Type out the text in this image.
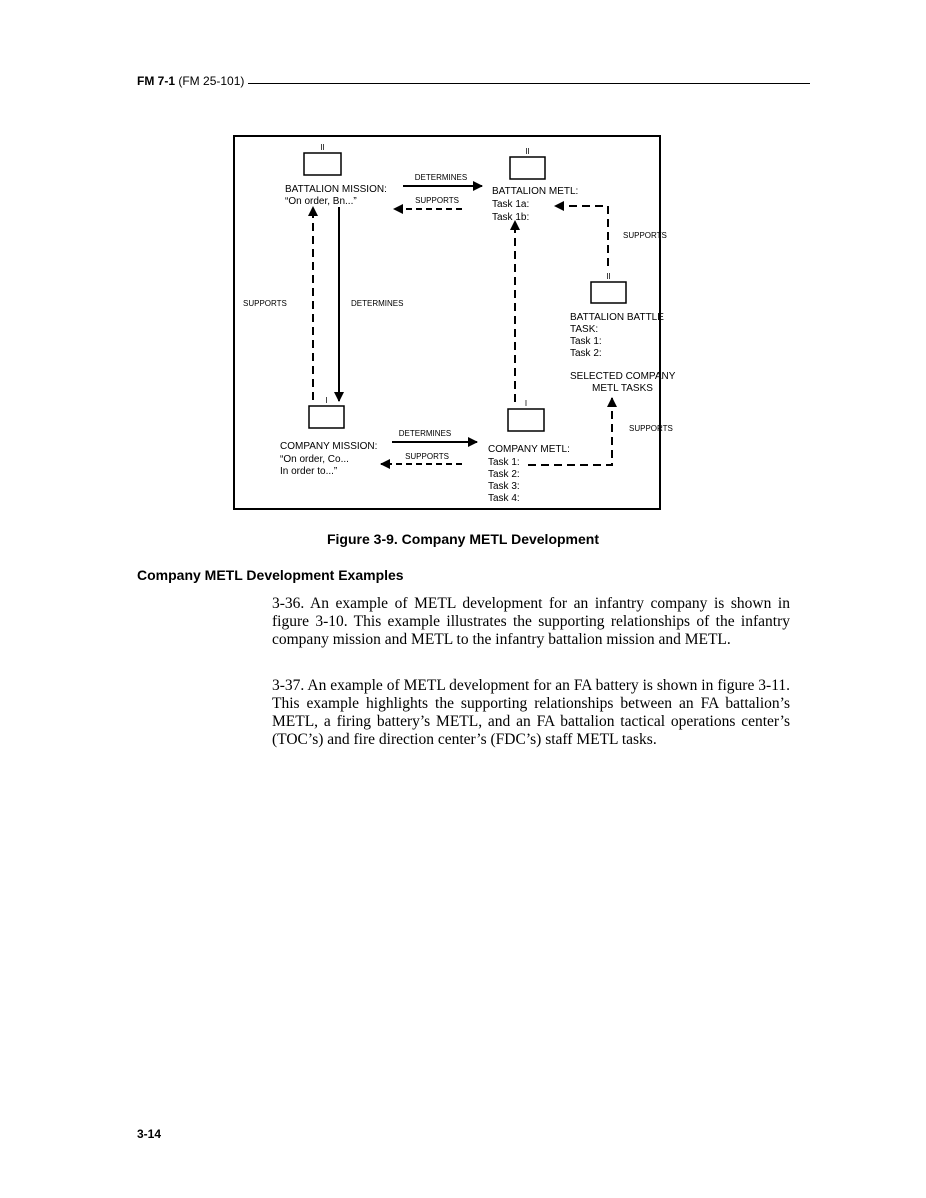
FM 7-1 (FM 25-101)
II
BATTALION MISSION:
“On order, Bn...”
II
BATTALION METL:
Task 1a:
Task 1b:
DETERMINES
SUPPORTS
SUPPORTS	DETERMINES
I
COMPANY MISSION:
“On order, Co...
In order to...”
DETERMINES
SUPPORTS
I
COMPANY METL:
Task 1:
Task 2:
Task 3:
Task 4:
II
BATTALION BATTLE
TASK:
Task 1:
Task 2:
SUPPORTS
SELECTED COMPANY
METL TASKS
SUPPORTS
Figure 3-9. Company METL Development
Company METL Development Examples

3-36. An example of METL development for an infantry company is shown in figure 3-10. This example illustrates the supporting relationships of the infantry company mission and METL to the infantry battalion mission and METL.

3-37. An example of METL development for an FA battery is shown in figure 3-11. This example highlights the supporting relationships between an FA battalion’s METL, a firing battery’s METL, and an FA battalion tactical operations center’s (TOC’s) and fire direction center’s (FDC’s) staff METL tasks.

3-14
